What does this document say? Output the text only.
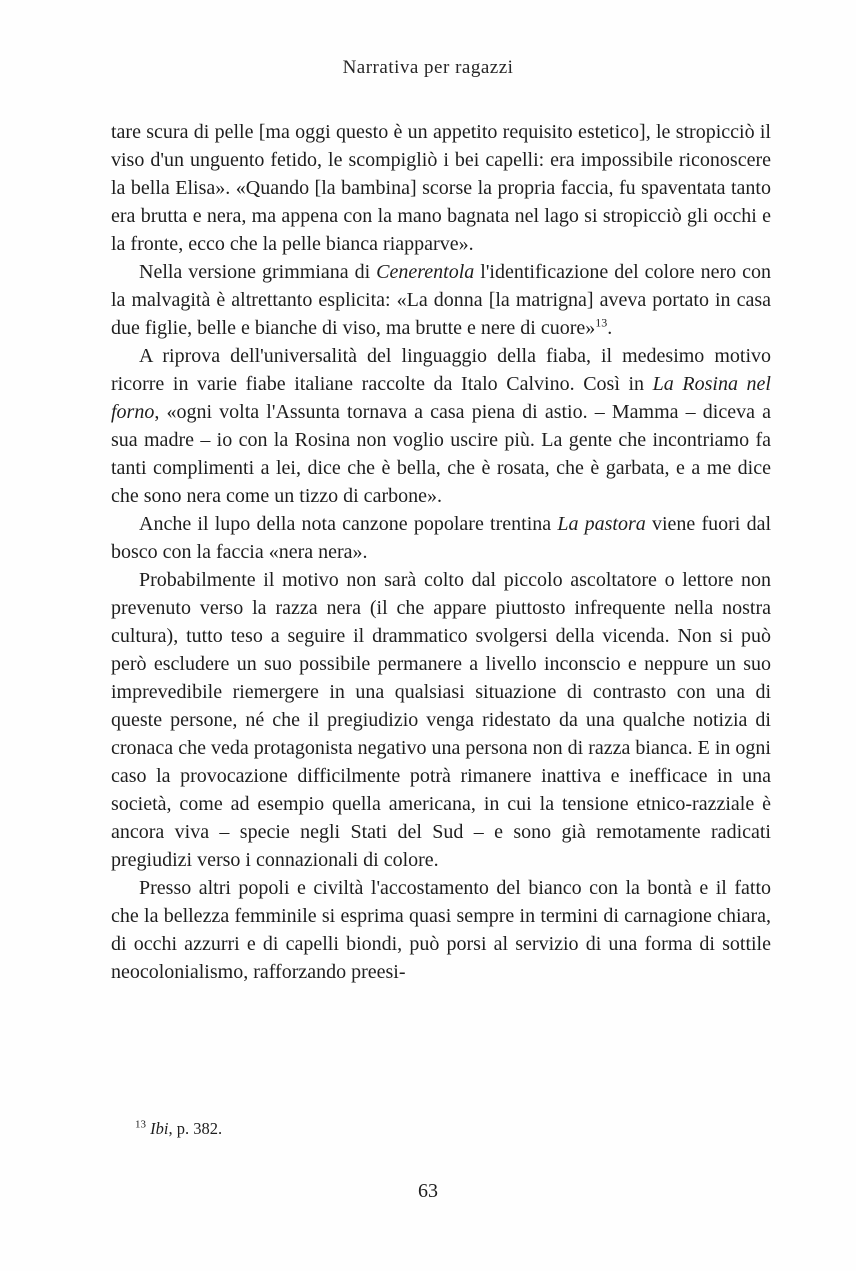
Narrativa per ragazzi

tare scura di pelle [ma oggi questo è un appetito requisito estetico], le stropicciò il viso d'un unguento fetido, le scompigliò i bei capelli: era impossibile riconoscere la bella Elisa». «Quando [la bambina] scorse la propria faccia, fu spaventata tanto era brutta e nera, ma appena con la mano bagnata nel lago si stropicciò gli occhi e la fronte, ecco che la pelle bianca riapparve».

Nella versione grimmiana di Cenerentola l'identificazione del colore nero con la malvagità è altrettanto esplicita: «La donna [la matrigna] aveva portato in casa due figlie, belle e bianche di viso, ma brutte e nere di cuore»$^{13}$.

A riprova dell'universalità del linguaggio della fiaba, il medesimo motivo ricorre in varie fiabe italiane raccolte da Italo Calvino. Così in La Rosina nel forno, «ogni volta l'Assunta tornava a casa piena di astio. – Mamma – diceva a sua madre – io con la Rosina non voglio uscire più. La gente che incontriamo fa tanti complimenti a lei, dice che è bella, che è rosata, che è garbata, e a me dice che sono nera come un tizzo di carbone».

Anche il lupo della nota canzone popolare trentina La pastora viene fuori dal bosco con la faccia «nera nera».

Probabilmente il motivo non sarà colto dal piccolo ascoltatore o lettore non prevenuto verso la razza nera (il che appare piuttosto infrequente nella nostra cultura), tutto teso a seguire il drammatico svolgersi della vicenda. Non si può però escludere un suo possibile permanere a livello inconscio e neppure un suo imprevedibile riemergere in una qualsiasi situazione di contrasto con una di queste persone, né che il pregiudizio venga ridestato da una qualche notizia di cronaca che veda protagonista negativo una persona non di razza bianca. E in ogni caso la provocazione difficilmente potrà rimanere inattiva e inefficace in una società, come ad esempio quella americana, in cui la tensione etnico-razziale è ancora viva – specie negli Stati del Sud – e sono già remotamente radicati pregiudizi verso i connazionali di colore.

Presso altri popoli e civiltà l'accostamento del bianco con la bontà e il fatto che la bellezza femminile si esprima quasi sempre in termini di carnagione chiara, di occhi azzurri e di capelli biondi, può porsi al servizio di una forma di sottile neocolonialismo, rafforzando preesi-

$^{13}$ Ibi, p. 382.

63
